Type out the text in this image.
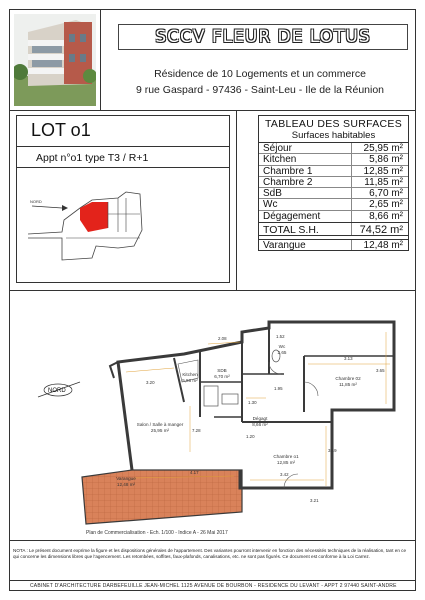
SCCV FLEUR DE LOTUS
Résidence de 10 Logements et un commerce
9 rue Gaspard - 97436 - Saint-Leu - Ile de la Réunion
LOT o1
Appt n°o1 type T3 / R+1
NORD
TABLEAU DES SURFACES
Surfaces habitables
Séjour	25,95 m²
Kitchen	5,86 m²
Chambre 1	12,85 m²
Chambre 2	11,85 m²
SdB	6,70 m²
Wc	2,65 m²
Dégagement	8,66 m²
TOTAL S.H.	74,52 m²
Varangue	12,48 m²
NORD
Kitchen
5,86 m²
SDB
6,70 m²
Wc
2,65
Chambre 02
11,85 m²
Salon / Salle à manger
25,95 m²
Dégagt
8,66 m²
Chambre o1
12,85 m²
Varangue
12,48 m²
3.20
2.08	1.52
3.13
3.65
1.30
7.28
3.42
4.17
3.49
3.21
1.95
1.20
Plan de Commercialisation - Ech. 1/100 - Indice A - 26 Mai 2017
NOTA : Le présent document exprime la figure et les dispositions générales de l'appartement. Des variantes pourront intervenir en fonction des nécessités techniques de la réalisation, tant en ce qui concerne les dimensions libres que l'agencement. Les retombées, soffites, faux-plafonds, canalisations, etc. ne sont pas figurés. Ce document est conforme à la Loi Carrez.
CABINET D'ARCHITECTURE DARBEFEUILLE JEAN-MICHEL 1125 AVENUE DE BOURBON - RESIDENCE DU LEVANT - APPT 2 97440 SAINT-ANDRE
